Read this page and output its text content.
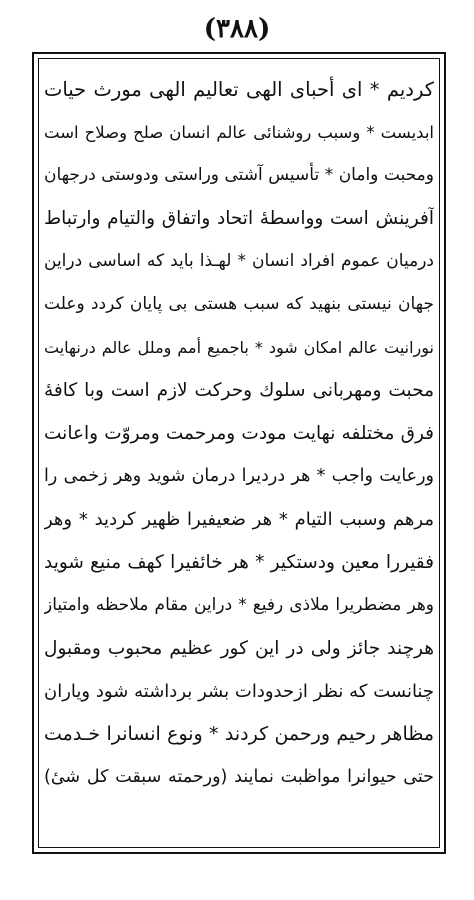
(۳۸۸)
کردیم * ای أحبای الهی تعالیم الهی مورث حیات
ابدیست * وسبب روشنائی عالم انسان صلح وصلاح است
ومحبت وامان * تأسیس آشتی وراستی ودوستی درجهان
آفرینش است وواسطهٔ اتحاد واتفاق والتیام وارتباط
درمیان عموم افراد انسان * لهـذا باید که اساسی دراین
جهان نیستی بنهید که سبب هستی بی پایان کردد وعلت
نورانیت عالم امکان شود * باجمیع أمم وملل عالم درنهایت
محبت ومهربانی سلوك وحرکت لازم است وبا کافهٔ
فرق مختلفه نهایت مودت ومرحمت ومروّت واعانت
ورعایت واجب * هر دردیرا درمان شوید وهر زخمی را
مرهم وسبب التیام * هر ضعیفیرا ظهیر کردید * وهر
فقیررا معین ودستکیر * هر خائفیرا کهف منیع شوید
وهر مضطریرا ملاذی رفیع * دراین مقام ملاحظه وامتیاز
هرچند جائز ولی در این کور عظیم محبوب ومقبول
چنانست که نظر ازحدودات بشر برداشته شود ویاران
مظاهر رحیم ورحمن کردند * ونوع انسانرا خـدمت
حتی حیوانرا مواظبت نمایند (ورحمته سبقت کل شیٔ)
